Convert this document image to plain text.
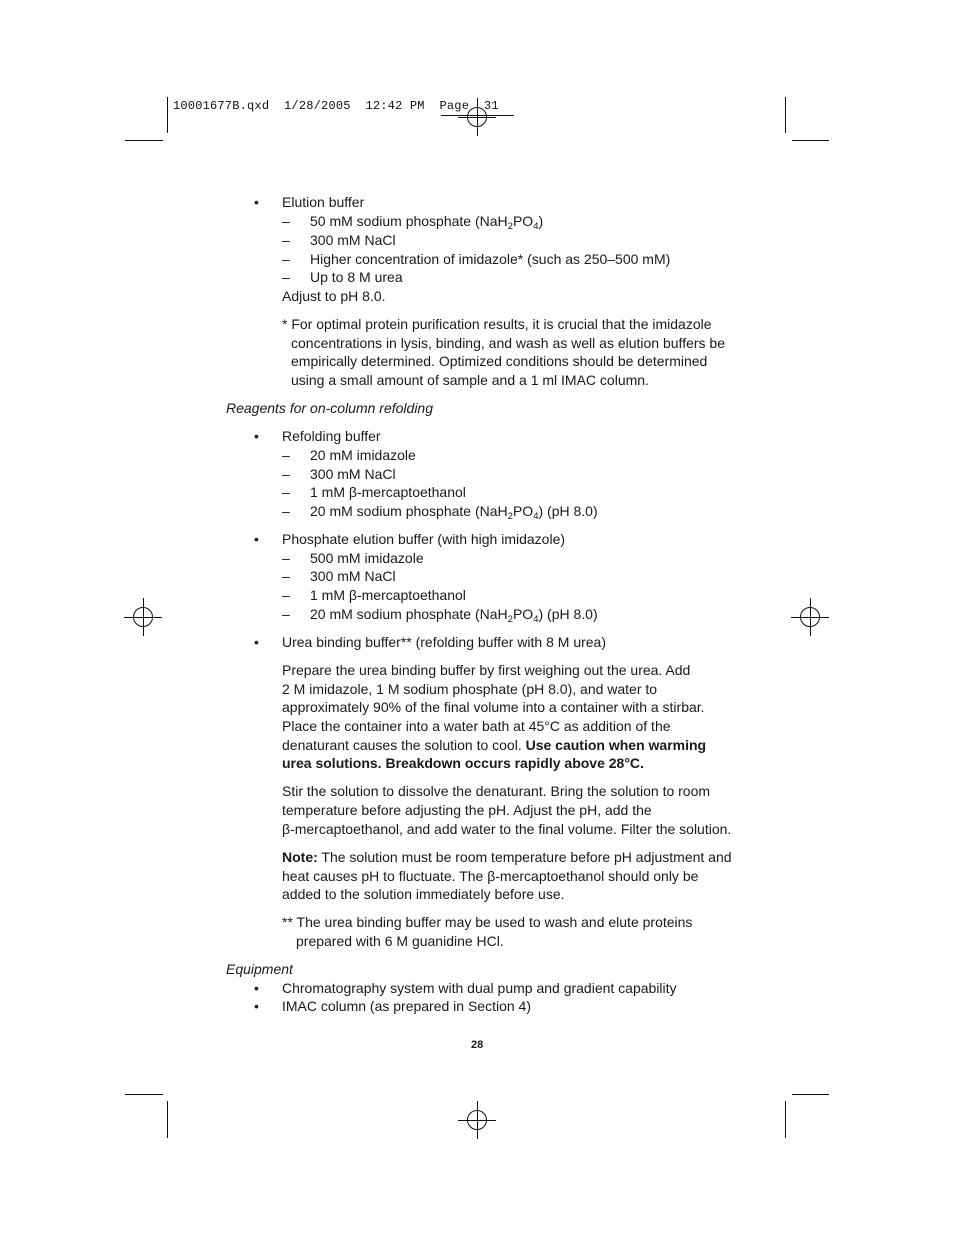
10001677B.qxd 1/28/2005 12:42 PM Page 31
• Elution buffer
– 50 mM sodium phosphate $(NaH_2PO_4)$
– 300 mM NaCl
– Higher concentration of imidazole* (such as 250–500 mM)
– Up to 8 M urea
Adjust to pH 8.0.
* For optimal protein purification results, it is crucial that the imidazole
concentrations in lysis, binding, and wash as well as elution buffers be
empirically determined. Optimized conditions should be determined
using a small amount of sample and a 1 ml IMAC column.
Reagents for on-column refolding
• Refolding buffer
– 20 mM imidazole
– 300 mM NaCl
– 1 mM β-mercaptoethanol
– 20 mM sodium phosphate $(NaH_2PO_4)$ (pH 8.0)
• Phosphate elution buffer (with high imidazole)
– 500 mM imidazole
– 300 mM NaCl
– 1 mM β-mercaptoethanol
– 20 mM sodium phosphate $(NaH_2PO_4)$ (pH 8.0)
• Urea binding buffer** (refolding buffer with 8 M urea)
Prepare the urea binding buffer by first weighing out the urea. Add
2 M imidazole, 1 M sodium phosphate (pH 8.0), and water to
approximately 90% of the final volume into a container with a stirbar.
Place the container into a water bath at 45°C as addition of the
denaturant causes the solution to cool. Use caution when warming
urea solutions. Breakdown occurs rapidly above 28°C.
Stir the solution to dissolve the denaturant. Bring the solution to room
temperature before adjusting the pH. Adjust the pH, add the
β-mercaptoethanol, and add water to the final volume. Filter the solution.
Note: The solution must be room temperature before pH adjustment and
heat causes pH to fluctuate. The β-mercaptoethanol should only be
added to the solution immediately before use.
** The urea binding buffer may be used to wash and elute proteins
prepared with 6 M guanidine HCl.
Equipment
• Chromatography system with dual pump and gradient capability
• IMAC column (as prepared in Section 4)
28
